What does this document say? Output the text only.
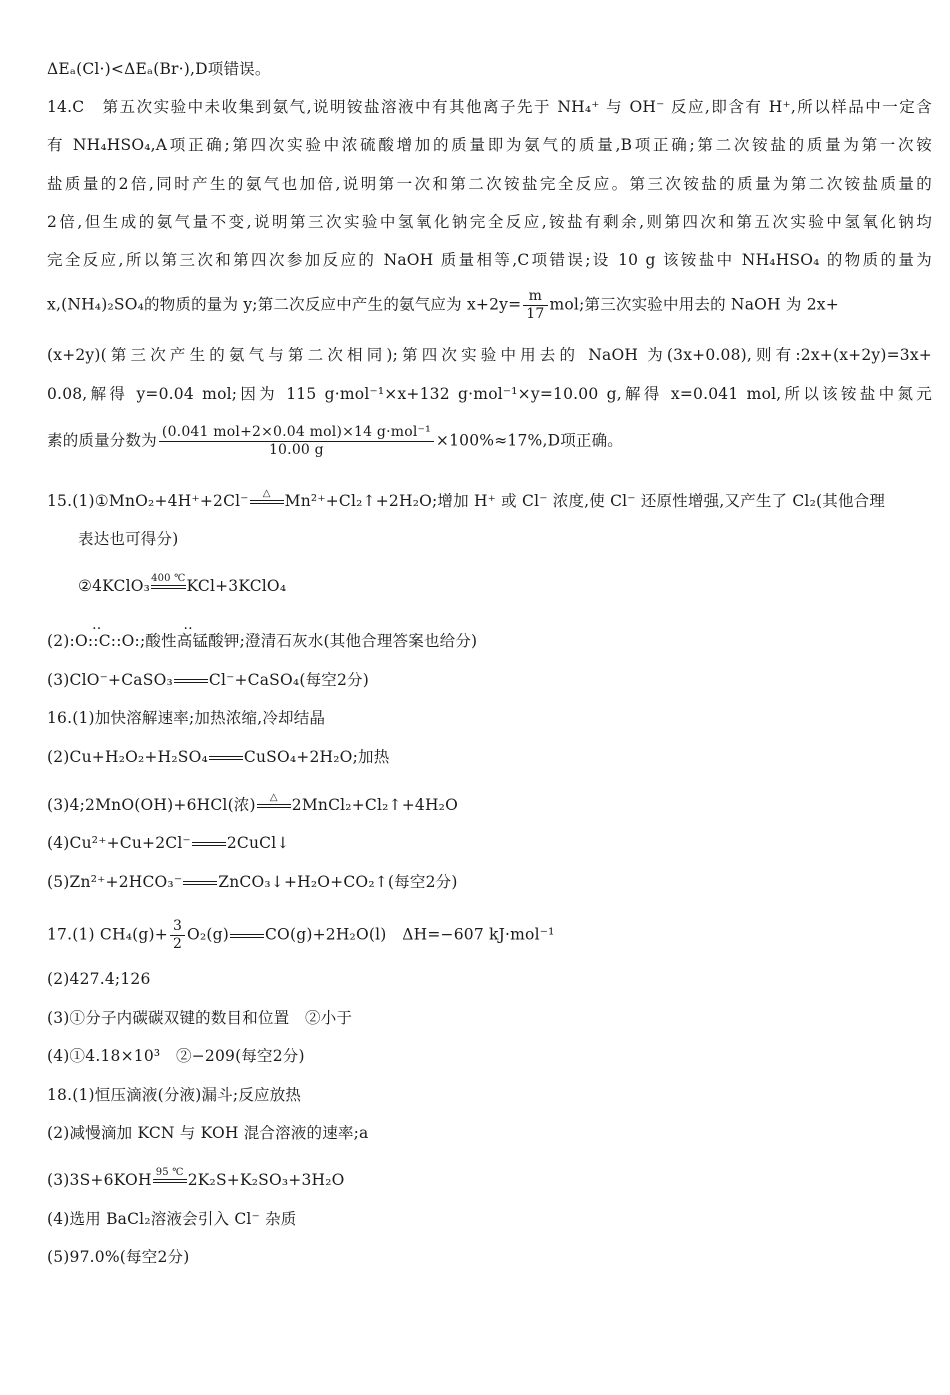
ΔEₐ(Cl·)<ΔEₐ(Br·),D项错误。
14.C　第五次实验中未收集到氨气,说明铵盐溶液中有其他离子先于 NH₄⁺ 与 OH⁻ 反应,即含有 H⁺,所以样品中一定含
有 NH₄HSO₄,A项正确;第四次实验中浓硫酸增加的质量即为氨气的质量,B项正确;第二次铵盐的质量为第一次铵
盐质量的2倍,同时产生的氨气也加倍,说明第一次和第二次铵盐完全反应。第三次铵盐的质量为第二次铵盐质量的
2倍,但生成的氨气量不变,说明第三次实验中氢氧化钠完全反应,铵盐有剩余,则第四次和第五次实验中氢氧化钠均
完全反应,所以第三次和第四次参加反应的 NaOH 质量相等,C项错误;设 10 g 该铵盐中 NH₄HSO₄ 的物质的量为
x,(NH₄)₂SO₄的物质的量为 y;第二次反应中产生的氨气应为 $x+2y= \frac{m}{17}$ mol;第三次实验中用去的 NaOH 为 2x+
(x+2y)(第三次产生的氨气与第二次相同);第四次实验中用去的 NaOH 为(3x+0.08),则有:2x+(x+2y)=3x+
0.08,解得 y=0.04 mol;因为 115 g·mol⁻¹×x+132 g·mol⁻¹×y=10.00 g,解得 x=0.041 mol,所以该铵盐中氮元
素的质量分数为 $\frac{\text{(0.041 mol+2×0.04 mol)×14 g·mol⁻¹}}{10.00 g} \times 100\%\approx 17\%,D$项正确。
15.(1)①MnO₂+4H⁺+2Cl⁻	△ Mn²⁺+Cl₂↑+2H₂O;增加 H⁺ 或 Cl⁻ 浓度,使 Cl⁻ 还原性增强,又产生了 Cl₂(其他合理
表达也可得分)
②4KClO₃ 400 ℃ KCl+3KClO₄
‥　　　　　‥
(2):O::C::O:;酸性高锰酸钾;澄清石灰水(其他合理答案也给分)
(3)ClO⁻+CaSO₃ Cl⁻+CaSO₄(每空2分)
16.(1)加快溶解速率;加热浓缩,冷却结晶
(2)Cu+H₂O₂+H₂SO₄ CuSO₄+2H₂O;加热
(3)4;2MnO(OH)+6HCl(浓)	△ 2MnCl₂+Cl₂↑+4H₂O
(4)Cu²⁺+Cu+2Cl⁻ 2CuCl↓
(5)Zn²⁺+2HCO₃⁻ ZnCO₃↓+H₂O+CO₂↑(每空2分)
17.(1) $CH_4(g)+ \frac{3}{2} O_2(g)$ CO(g)+2H₂O(l)　ΔH=−607 kJ·mol⁻¹
(2)427.4;126
(3)①分子内碳碳双键的数目和位置　②小于
(4)①4.18×10³　②−209(每空2分)
18.(1)恒压滴液(分液)漏斗;反应放热
(2)减慢滴加 KCN 与 KOH 混合溶液的速率;a
(3)3S+6KOH 95 ℃ 2K₂S+K₂SO₃+3H₂O
(4)选用 BaCl₂溶液会引入 Cl⁻ 杂质
(5)97.0%(每空2分)
